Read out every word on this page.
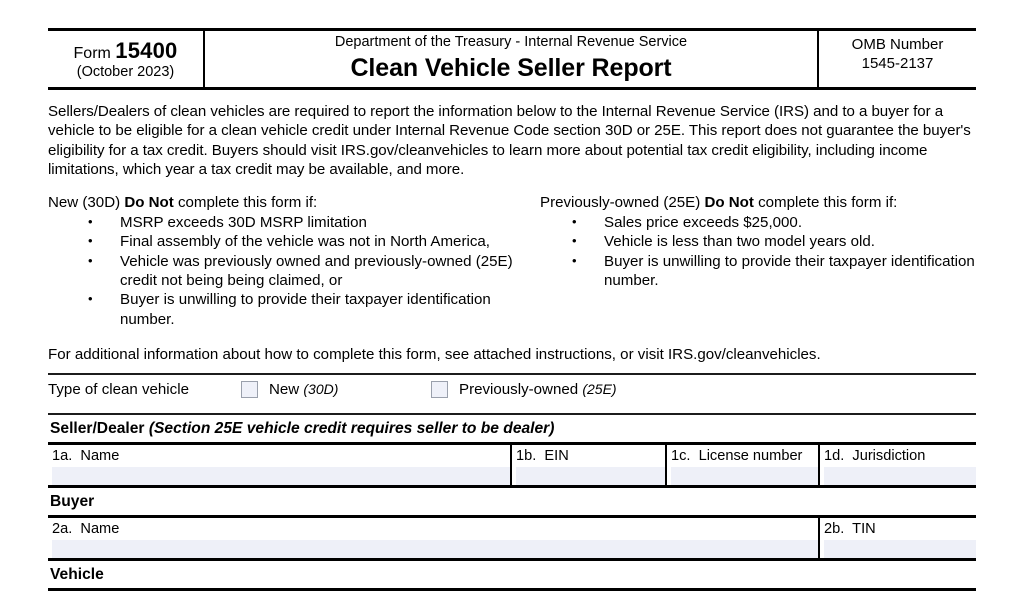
Form 15400
(October 2023)
Department of the Treasury - Internal Revenue Service
Clean Vehicle Seller Report
OMB Number
1545-2137
Sellers/Dealers of clean vehicles are required to report the information below to the Internal Revenue Service (IRS) and to a buyer for a vehicle to be eligible for a clean vehicle credit under Internal Revenue Code section 30D or 25E. This report does not guarantee the buyer's eligibility for a tax credit. Buyers should visit IRS.gov/cleanvehicles to learn more about potential tax credit eligibility, including income limitations, which year a tax credit may be available, and more.
New (30D) Do Not complete this form if:
• MSRP exceeds 30D MSRP limitation
• Final assembly of the vehicle was not in North America,
• Vehicle was previously owned and previously-owned (25E) credit not being being claimed, or
• Buyer is unwilling to provide their taxpayer identification number.
Previously-owned (25E) Do Not complete this form if:
• Sales price exceeds $25,000.
• Vehicle is less than two model years old.
• Buyer is unwilling to provide their taxpayer identification number.
For additional information about how to complete this form, see attached instructions, or visit IRS.gov/cleanvehicles.
Type of clean vehicle	New (30D)	Previously-owned (25E)
Seller/Dealer (Section 25E vehicle credit requires seller to be dealer)
1a. Name	1b. EIN	1c. License number	1d. Jurisdiction
Buyer
2a. Name	2b. TIN
Vehicle
